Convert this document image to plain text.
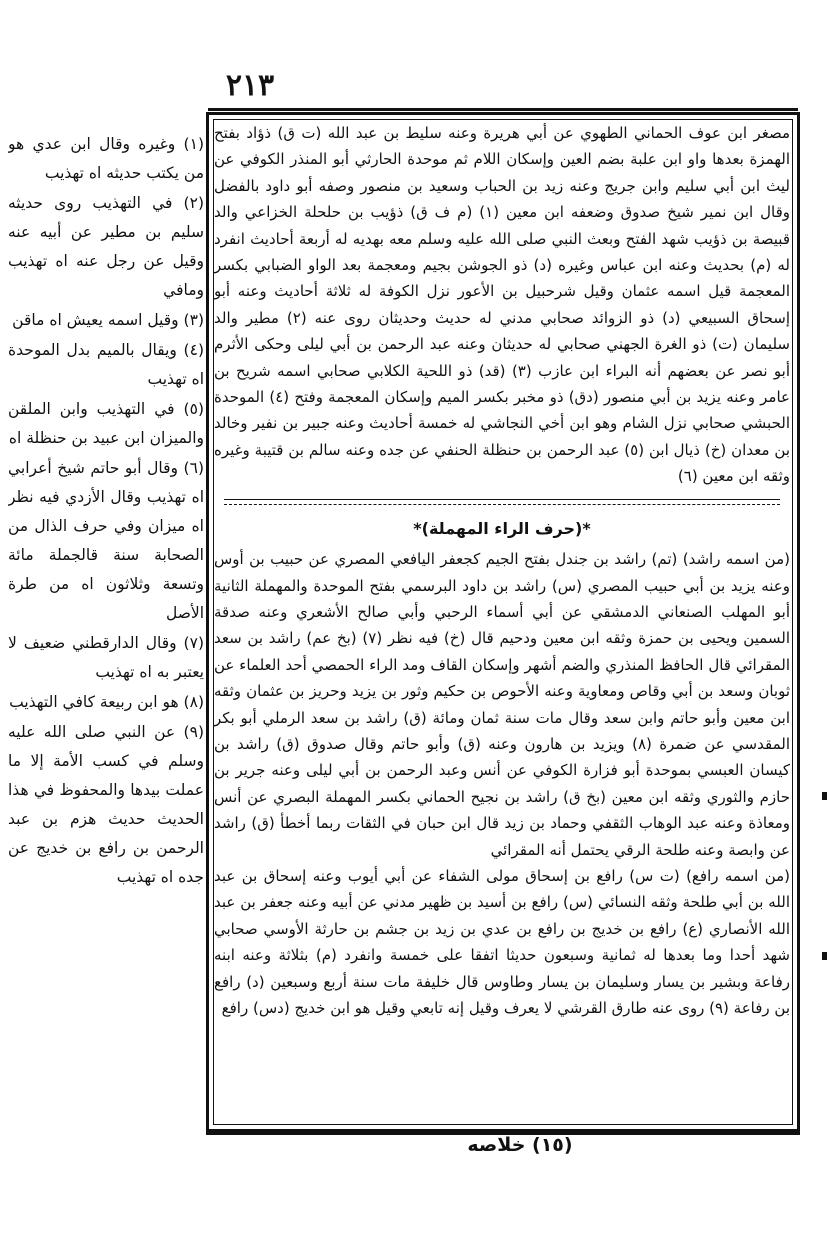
٢١٣

(١) وغيره وقال ابن عدي هو من يكتب حديثه اه تهذيب

(٢) في التهذيب روى حديثه سليم بن مطير عن أبيه عنه وقيل عن رجل عنه اه تهذيب ومافي

(٣) وقيل اسمه يعيش اه ماقن

(٤) ويقال بالميم بدل الموحدة اه تهذيب

(٥) في التهذيب وابن الملقن والميزان ابن عبيد بن حنظلة اه

(٦) وقال أبو حاتم شيخ أعرابي اه تهذيب وقال الأزدي فيه نظر اه ميزان وفي حرف الذال من الصحابة سنة قالجملة مائة وتسعة وثلاثون اه من طرة الأصل

(٧) وقال الدارقطني ضعيف لا يعتبر به اه تهذيب

(٨) هو ابن ربيعة كافي التهذيب

(٩) عن النبي صلى الله عليه وسلم في كسب الأمة إلا ما عملت بيدها والمحفوظ في هذا الحديث حديث هزم بن عبد الرحمن بن رافع بن خديج عن جده اه تهذيب

مصغر ابن عوف الحماني الطهوي عن أبي هريرة وعنه سليط بن عبد الله (ت ق) ذؤاد بفتح الهمزة بعدها واو ابن علبة بضم العين وإسكان اللام ثم موحدة الحارثي أبو المنذر الكوفي عن ليث ابن أبي سليم وابن جريج وعنه زيد بن الحباب وسعيد بن منصور وصفه أبو داود بالفضل وقال ابن نمير شيخ صدوق وضعفه ابن معين (١) (م ف ق) ذؤيب بن حلحلة الخزاعي والد قبيصة بن ذؤيب شهد الفتح وبعث النبي صلى الله عليه وسلم معه بهديه له أربعة أحاديث انفرد له (م) بحديث وعنه ابن عباس وغيره (د) ذو الجوشن بجيم ومعجمة بعد الواو الضبابي بكسر المعجمة قيل اسمه عثمان وقيل شرحبيل بن الأعور نزل الكوفة له ثلاثة أحاديث وعنه أبو إسحاق السبيعي (د) ذو الزوائد صحابي مدني له حديث وحديثان روى عنه (٢) مطير والد سليمان (ت) ذو الغرة الجهني صحابي له حديثان وعنه عبد الرحمن بن أبي ليلى وحكى الأثرم أبو نصر عن بعضهم أنه البراء ابن عازب (٣) (قد) ذو اللحية الكلابي صحابي اسمه شريح بن عامر وعنه يزيد بن أبي منصور (دق) ذو مخبر بكسر الميم وإسكان المعجمة وفتح (٤) الموحدة الحبشي صحابي نزل الشام وهو ابن أخي النجاشي له خمسة أحاديث وعنه جبير بن نفير وخالد بن معدان (خ) ذيال ابن (٥) عبد الرحمن بن حنظلة الحنفي عن جده وعنه سالم بن قتيبة وغيره وثقه ابن معين (٦)

*(حرف الراء المهملة)*

(من اسمه راشد) (تم) راشد بن جندل بفتح الجيم كجعفر اليافعي المصري عن حبيب بن أوس وعنه يزيد بن أبي حبيب المصري (س) راشد بن داود البرسمي بفتح الموحدة والمهملة الثانية أبو المهلب الصنعاني الدمشقي عن أبي أسماء الرحبي وأبي صالح الأشعري وعنه صدقة السمين ويحيى بن حمزة وثقه ابن معين ودحيم قال (خ) فيه نظر (٧) (بخ عم) راشد بن سعد المقرائي قال الحافظ المنذري والضم أشهر وإسكان القاف ومد الراء الحمصي أحد العلماء عن ثوبان وسعد بن أبي وقاص ومعاوية وعنه الأحوص بن حكيم وثور بن يزيد وحريز بن عثمان وثقه ابن معين وأبو حاتم وابن سعد وقال مات سنة ثمان ومائة (ق) راشد بن سعد الرملي أبو بكر المقدسي عن ضمرة (٨) ويزيد بن هارون وعنه (ق) وأبو حاتم وقال صدوق (ق) راشد بن كيسان العبسي بموحدة أبو فزارة الكوفي عن أنس وعبد الرحمن بن أبي ليلى وعنه جرير بن حازم والثوري وثقه ابن معين (بخ ق) راشد بن نجيح الحماني بكسر المهملة البصري عن أنس ومعاذة وعنه عبد الوهاب الثقفي وحماد بن زيد قال ابن حبان في الثقات ربما أخطأ (ق) راشد عن وابصة وعنه طلحة الرقي يحتمل أنه المقرائي

(من اسمه رافع) (ت س) رافع بن إسحاق مولى الشفاء عن أبي أيوب وعنه إسحاق بن عبد الله بن أبي طلحة وثقه النسائي (س) رافع بن أسيد بن ظهير مدني عن أبيه وعنه جعفر بن عبد الله الأنصاري (ع) رافع بن خديج بن رافع بن عدي بن زيد بن جشم بن حارثة الأوسي صحابي شهد أحدا وما بعدها له ثمانية وسبعون حديثا اتفقا على خمسة وانفرد (م) بثلاثة وعنه ابنه رفاعة وبشير بن يسار وسليمان بن يسار وطاوس قال خليفة مات سنة أربع وسبعين (د) رافع بن رفاعة (٩) روى عنه طارق القرشي لا يعرف وقيل إنه تابعي وقيل هو ابن خديج (دس) رافع

(١٥) خلاصه
